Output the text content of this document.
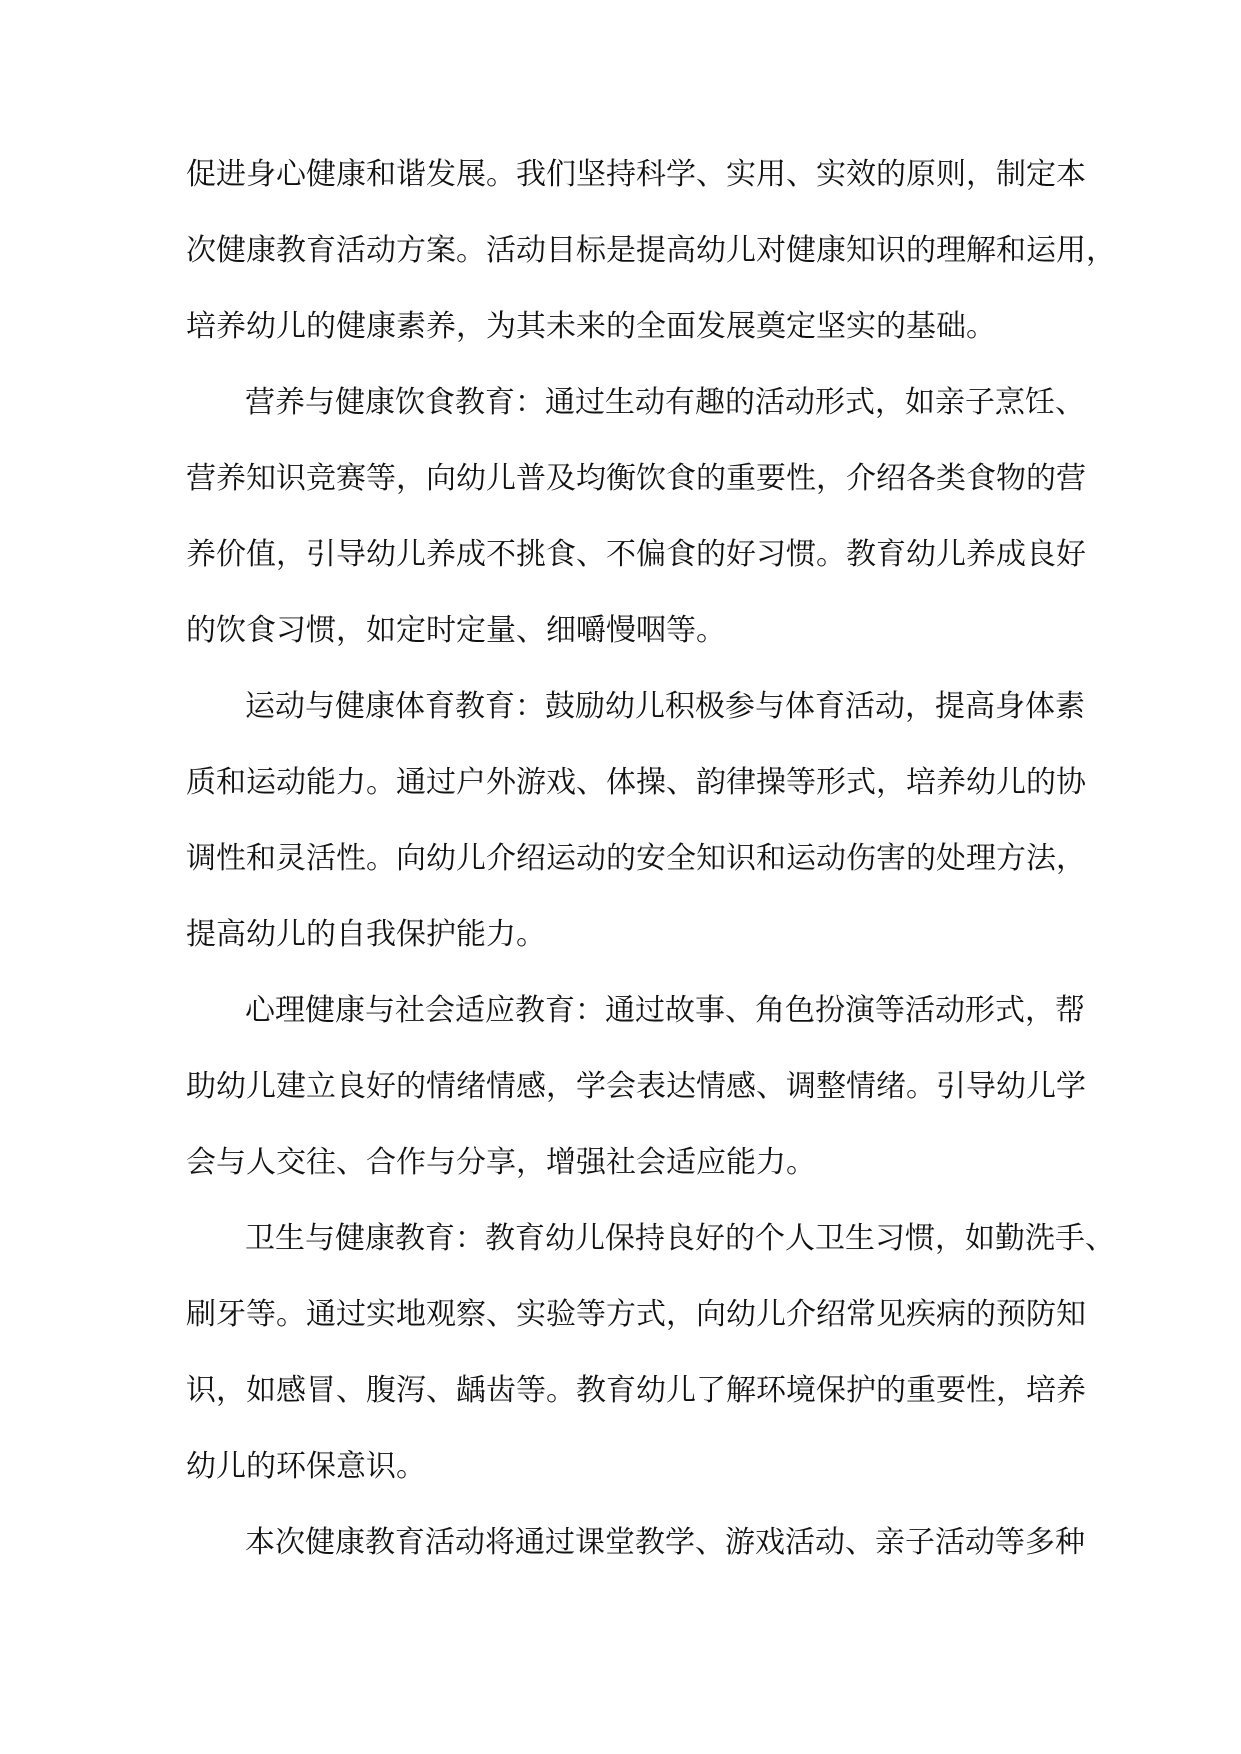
促进身心健康和谐发展。我们坚持科学、实用、实效的原则，制定本
次健康教育活动方案。活动目标是提高幼儿对健康知识的理解和运用，
培养幼儿的健康素养，为其未来的全面发展奠定坚实的基础。
营养与健康饮食教育：通过生动有趣的活动形式，如亲子烹饪、
营养知识竞赛等，向幼儿普及均衡饮食的重要性，介绍各类食物的营
养价值，引导幼儿养成不挑食、不偏食的好习惯。教育幼儿养成良好
的饮食习惯，如定时定量、细嚼慢咽等。
运动与健康体育教育：鼓励幼儿积极参与体育活动，提高身体素
质和运动能力。通过户外游戏、体操、韵律操等形式，培养幼儿的协
调性和灵活性。向幼儿介绍运动的安全知识和运动伤害的处理方法，
提高幼儿的自我保护能力。
心理健康与社会适应教育：通过故事、角色扮演等活动形式，帮
助幼儿建立良好的情绪情感，学会表达情感、调整情绪。引导幼儿学
会与人交往、合作与分享，增强社会适应能力。
卫生与健康教育：教育幼儿保持良好的个人卫生习惯，如勤洗手、
刷牙等。通过实地观察、实验等方式，向幼儿介绍常见疾病的预防知
识，如感冒、腹泻、龋齿等。教育幼儿了解环境保护的重要性，培养
幼儿的环保意识。
本次健康教育活动将通过课堂教学、游戏活动、亲子活动等多种
